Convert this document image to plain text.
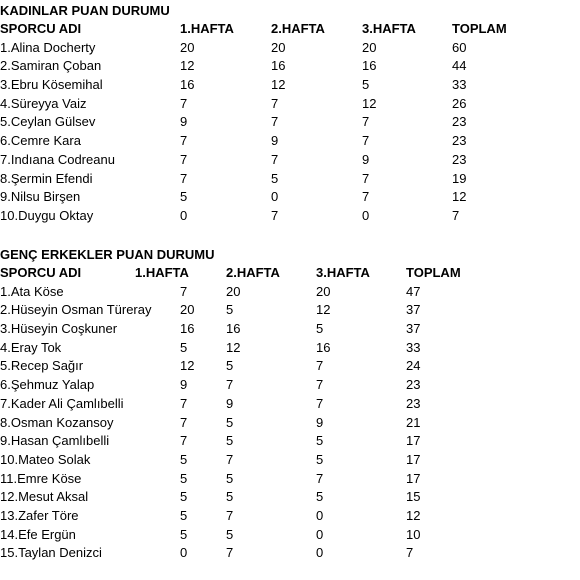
KADINLAR PUAN DURUMU
SPORCU ADI	1.HAFTA	2.HAFTA	3.HAFTA	TOPLAM
1.Alina Docherty	20	20	20	60
2.Samiran Çoban	12	16	16	44
3.Ebru Kösemihal	16	12	5	33
4.Süreyya Vaiz	7	7	12	26
5.Ceylan Gülsev	9	7	7	23
6.Cemre Kara	7	9	7	23
7.Indıana Codreanu	7	7	9	23
8.Şermin Efendi	7	5	7	19
9.Nilsu Birşen	5	0	7	12
10.Duygu Oktay	0	7	0	7
GENÇ ERKEKLER PUAN DURUMU
SPORCU ADI	1.HAFTA	2.HAFTA	3.HAFTA	TOPLAM
1.Ata Köse	7	20	20	47
2.Hüseyin Osman Türeray	20	5	12	37
3.Hüseyin Coşkuner	16	16	5	37
4.Eray Tok	5	12	16	33
5.Recep Sağır	12	5	7	24
6.Şehmuz Yalap	9	7	7	23
7.Kader Ali Çamlıbelli	7	9	7	23
8.Osman Kozansoy	7	5	9	21
9.Hasan Çamlıbelli	7	5	5	17
10.Mateo Solak	5	7	5	17
11.Emre Köse	5	5	7	17
12.Mesut Aksal	5	5	5	15
13.Zafer Töre	5	7	0	12
14.Efe Ergün	5	5	0	10
15.Taylan Denizci	0	7	0	7
